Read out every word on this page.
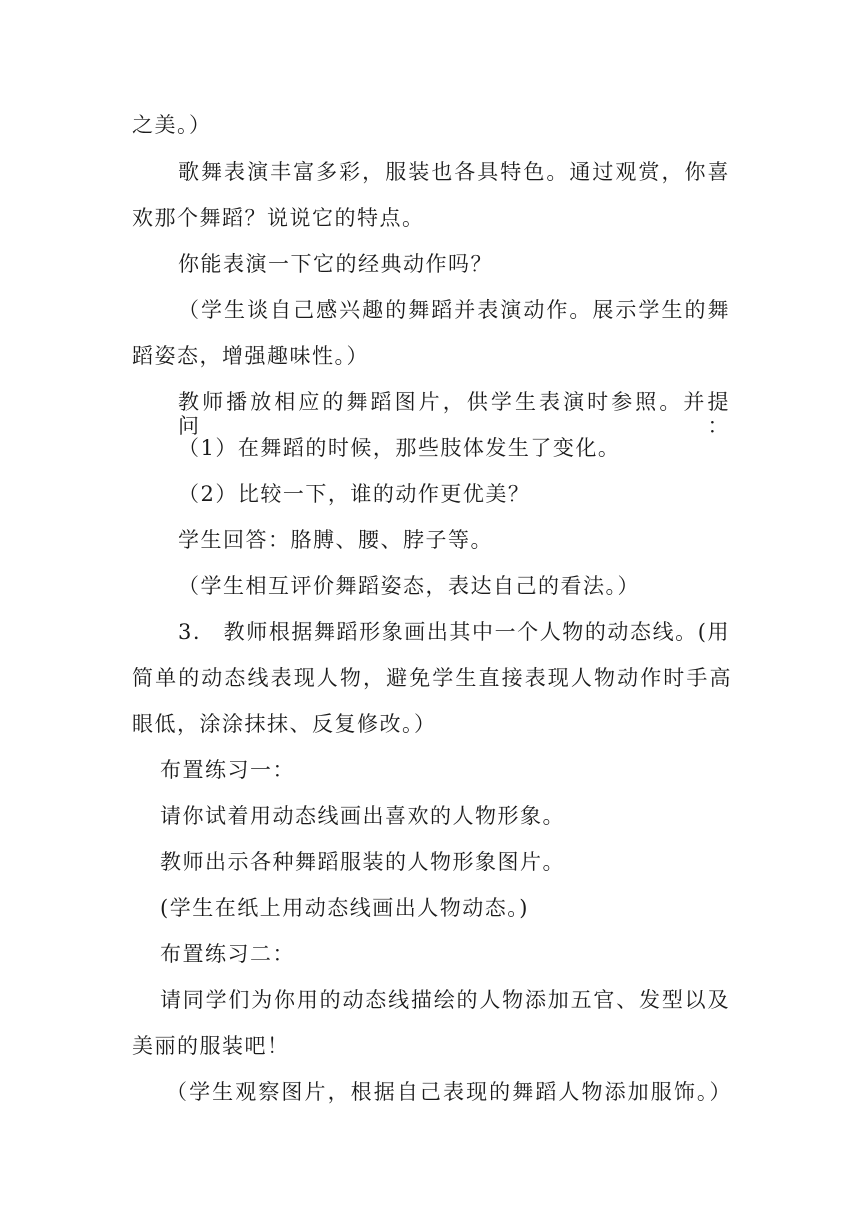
之美。）
歌舞表演丰富多彩，服装也各具特色。通过观赏，你喜
欢那个舞蹈？说说它的特点。
你能表演一下它的经典动作吗？
（学生谈自己感兴趣的舞蹈并表演动作。展示学生的舞
蹈姿态，增强趣味性。）
教师播放相应的舞蹈图片，供学生表演时参照。并提问：
（1）在舞蹈的时候，那些肢体发生了变化。
（2）比较一下，谁的动作更优美？
学生回答：胳膊、腰、脖子等。
（学生相互评价舞蹈姿态，表达自己的看法。）
3.　教师根据舞蹈形象画出其中一个人物的动态线。(用
简单的动态线表现人物，避免学生直接表现人物动作时手高
眼低，涂涂抹抹、反复修改。）
布置练习一：
请你试着用动态线画出喜欢的人物形象。
教师出示各种舞蹈服装的人物形象图片。
(学生在纸上用动态线画出人物动态。)
布置练习二：
请同学们为你用的动态线描绘的人物添加五官、发型以及
美丽的服装吧！
（学生观察图片，根据自己表现的舞蹈人物添加服饰。）
